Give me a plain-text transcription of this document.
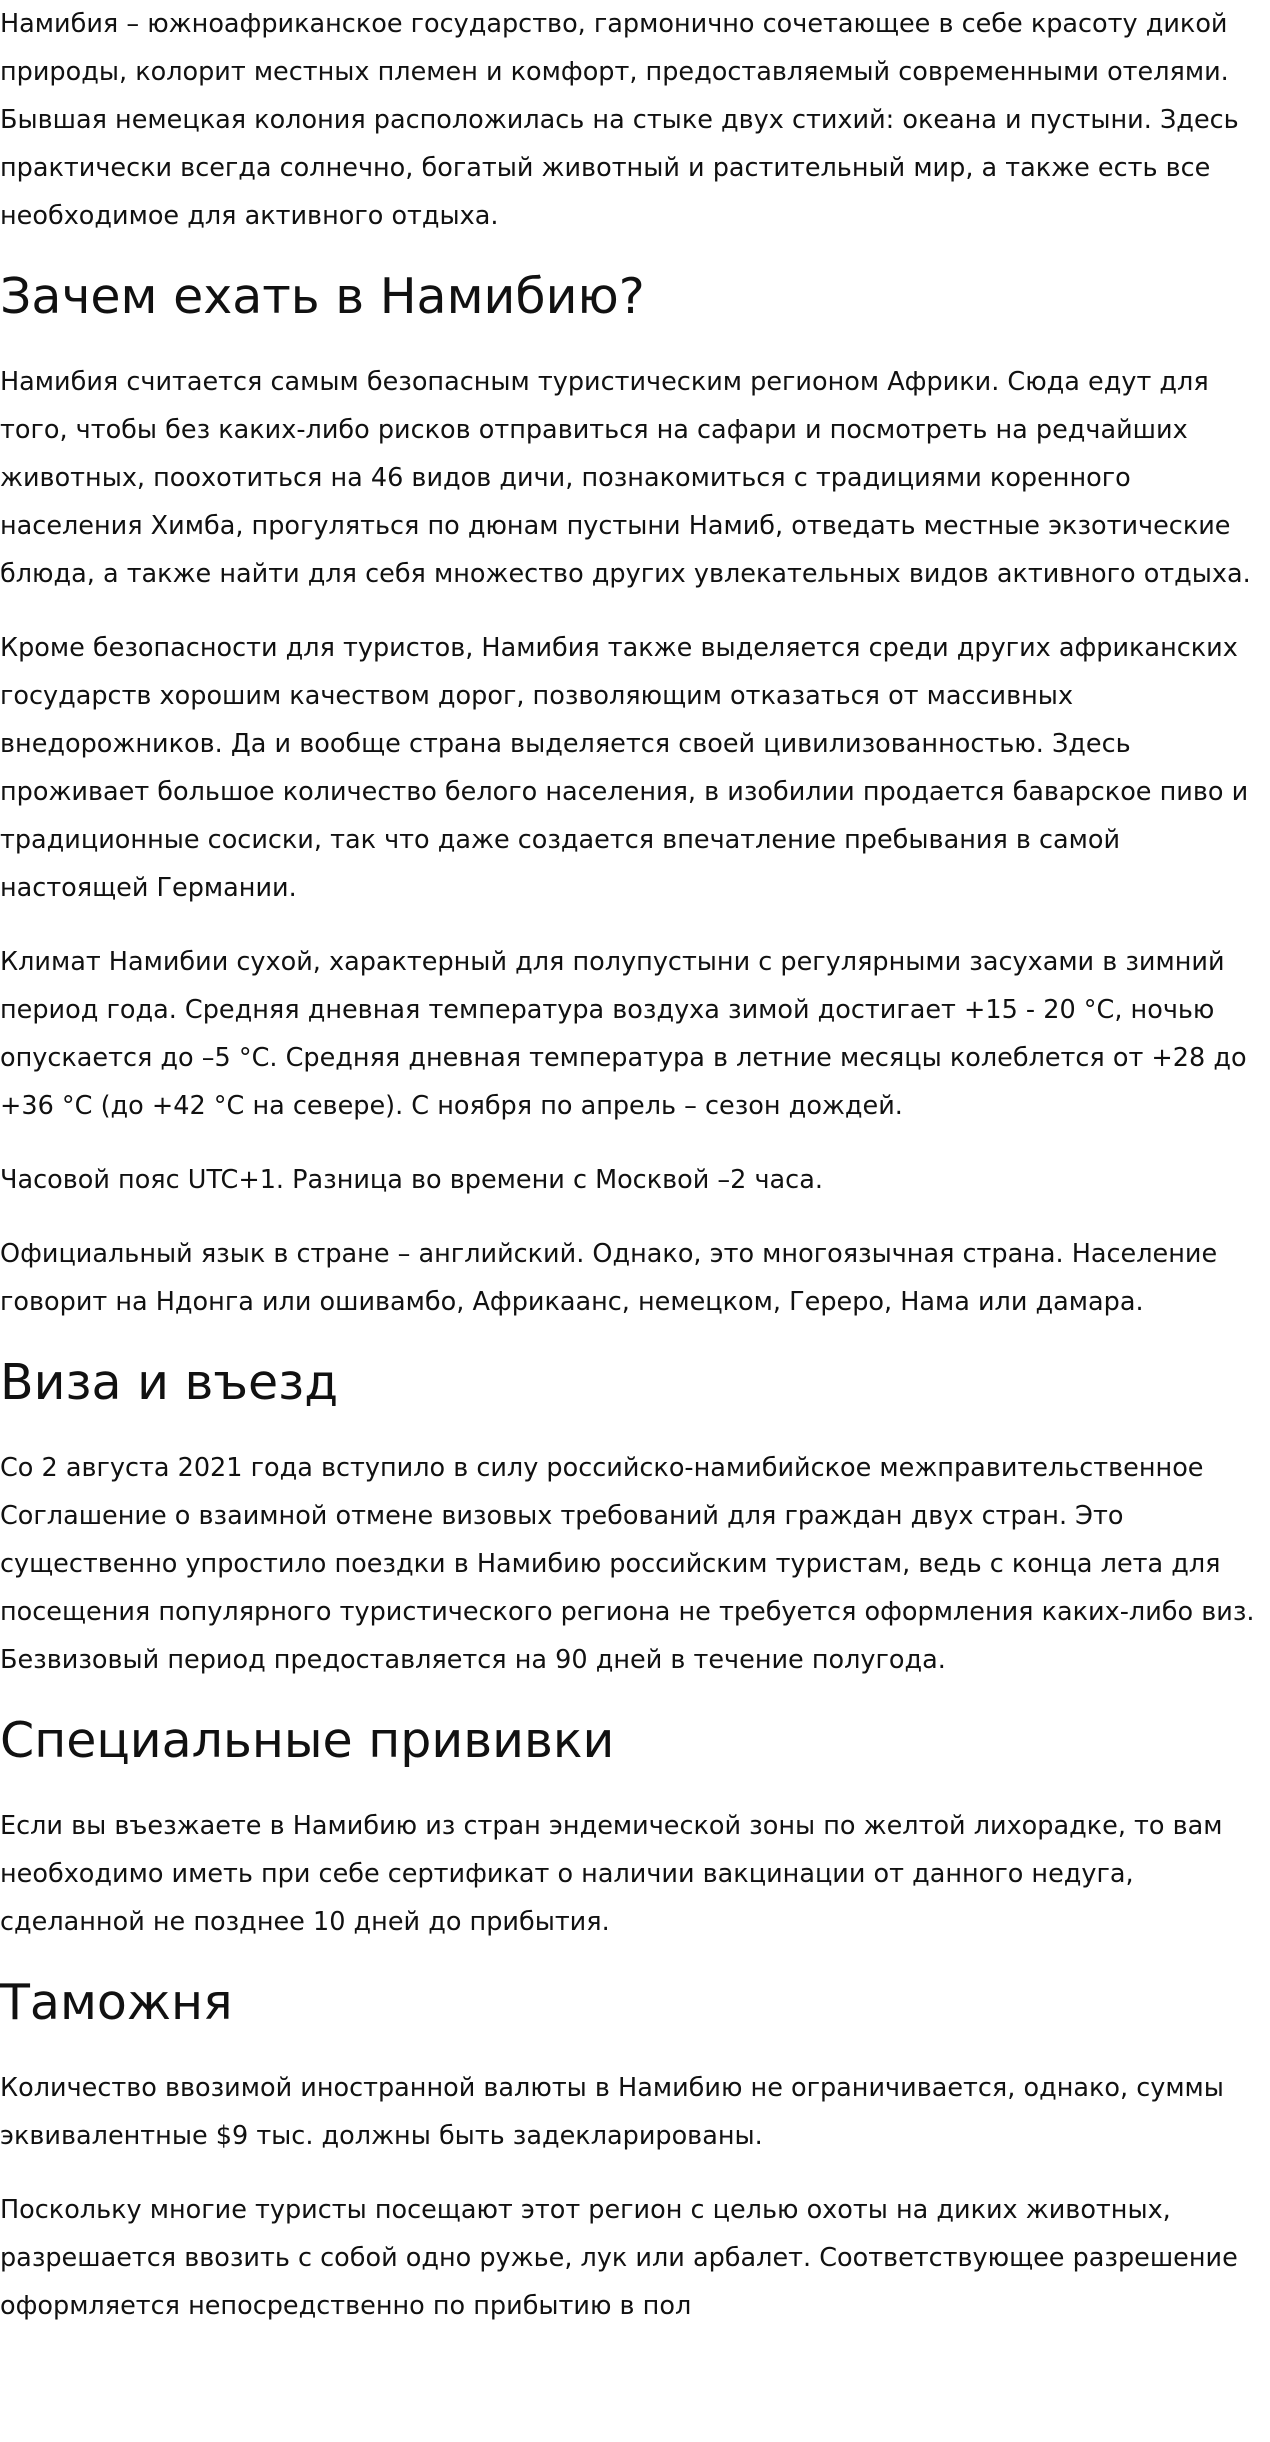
Намибия – южноафриканское государство, гармонично сочетающее в себе красоту дикой природы, колорит местных племен и комфорт, предоставляемый современными отелями. Бывшая немецкая колония расположилась на стыке двух стихий: океана и пустыни. Здесь практически всегда солнечно, богатый животный и растительный мир, а также есть все необходимое для активного отдыха.

Зачем ехать в Намибию?

Намибия считается самым безопасным туристическим регионом Африки. Сюда едут для того, чтобы без каких-либо рисков отправиться на сафари и посмотреть на редчайших животных, поохотиться на 46 видов дичи, познакомиться с традициями коренного населения Химба, прогуляться по дюнам пустыни Намиб, отведать местные экзотические блюда, а также найти для себя множество других увлекательных видов активного отдыха.

Кроме безопасности для туристов, Намибия также выделяется среди других африканских государств хорошим качеством дорог, позволяющим отказаться от массивных внедорожников. Да и вообще страна выделяется своей цивилизованностью. Здесь проживает большое количество белого населения, в изобилии продается баварское пиво и традиционные сосиски, так что даже создается впечатление пребывания в самой настоящей Германии.

Климат Намибии сухой, характерный для полупустыни с регулярными засухами в зимний период года. Средняя дневная температура воздуха зимой достигает +15 - 20 °C, ночью опускается до –5 °C. Средняя дневная температура в летние месяцы колеблется от +28 до +36 °C (до +42 °C на севере). С ноября по апрель – сезон дождей.

Часовой пояс UTC+1. Разница во времени с Москвой –2 часа.

Официальный язык в стране – английский. Однако, это многоязычная страна. Население говорит на Ндонга или ошивамбо, Африкаанс, немецком, Гереро, Нама или дамара.

Виза и въезд

Со 2 августа 2021 года вступило в силу российско-намибийское межправительственное Соглашение о взаимной отмене визовых требований для граждан двух стран. Это существенно упростило поездки в Намибию российским туристам, ведь с конца лета для посещения популярного туристического региона не требуется оформления каких-либо виз. Безвизовый период предоставляется на 90 дней в течение полугода.

Специальные прививки

Если вы въезжаете в Намибию из стран эндемической зоны по желтой лихорадке, то вам необходимо иметь при себе сертификат о наличии вакцинации от данного недуга, сделанной не позднее 10 дней до прибытия.

Таможня

Количество ввозимой иностранной валюты в Намибию не ограничивается, однако, суммы эквивалентные $9 тыс. должны быть задекларированы.

Поскольку многие туристы посещают этот регион с целью охоты на диких животных, разрешается ввозить с собой одно ружье, лук или арбалет. Соответствующее разрешение оформляется непосредственно по прибытию в пол
